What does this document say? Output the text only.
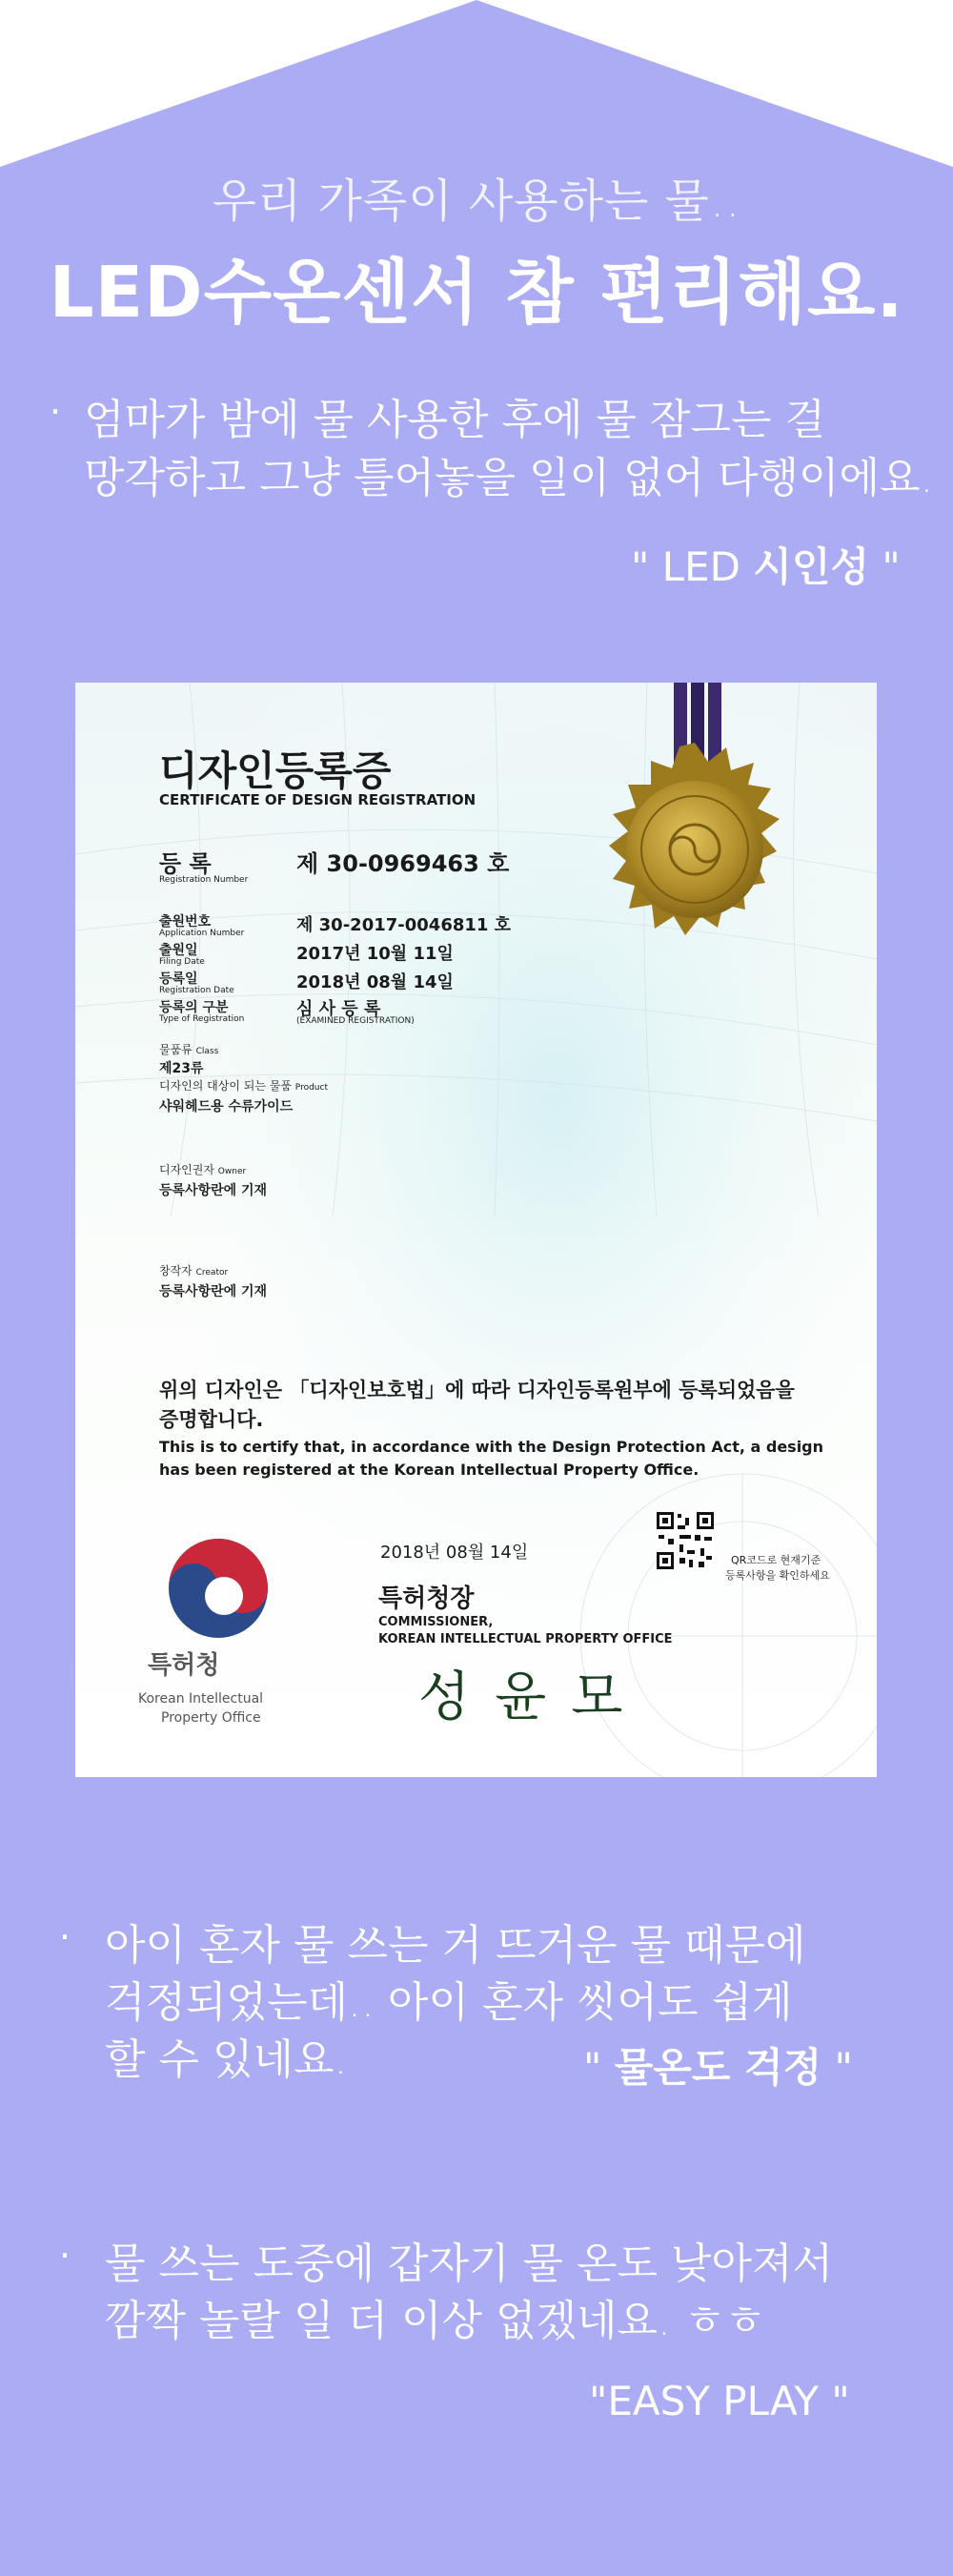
우리 가족이 사용하는 물..
LED수온센서 참 편리해요.
· 엄마가 밤에 물 사용한 후에 물 잠그는 걸
망각하고 그냥 틀어놓을 일이 없어 다행이에요.
" LED 시인성 "
디자인등록증
CERTIFICATE OF DESIGN REGISTRATION
등 록
Registration Number
제 30-0969463 호
출원번호
Application Number	제 30-2017-0046811 호
출원일
Filing Date	2017년 10월 11일
등록일
Registration Date	2018년 08월 14일
등록의 구분
Type of Registration	심 사 등 록
(EXAMINED REGISTRATION)
물품류 Class
제23류
디자인의 대상이 되는 물품 Product
샤워헤드용 수류가이드
디자인권자 Owner
등록사항란에 기재
창작자 Creator
등록사항란에 기재
위의 디자인은 「디자인보호법」에 따라 디자인등록원부에 등록되었음을 증명합니다.
This is to certify that, in accordance with the Design Protection Act, a design has been registered at the Korean Intellectual Property Office.
2018년 08월 14일	QR코드로 현재기준
등록사항을 확인하세요
특허청장
COMMISSIONER,
KOREAN INTELLECTUAL PROPERTY OFFICE
성윤모
특허청
Korean Intellectual
Property Office
· 아이 혼자 물 쓰는 거 뜨거운 물 때문에
걱정되었는데.. 아이 혼자 씻어도 쉽게
할 수 있네요.	" 물온도 걱정 "
· 물 쓰는 도중에 갑자기 물 온도 낮아져서
깜짝 놀랄 일 더 이상 없겠네요. ㅎㅎ
"EASY PLAY "
